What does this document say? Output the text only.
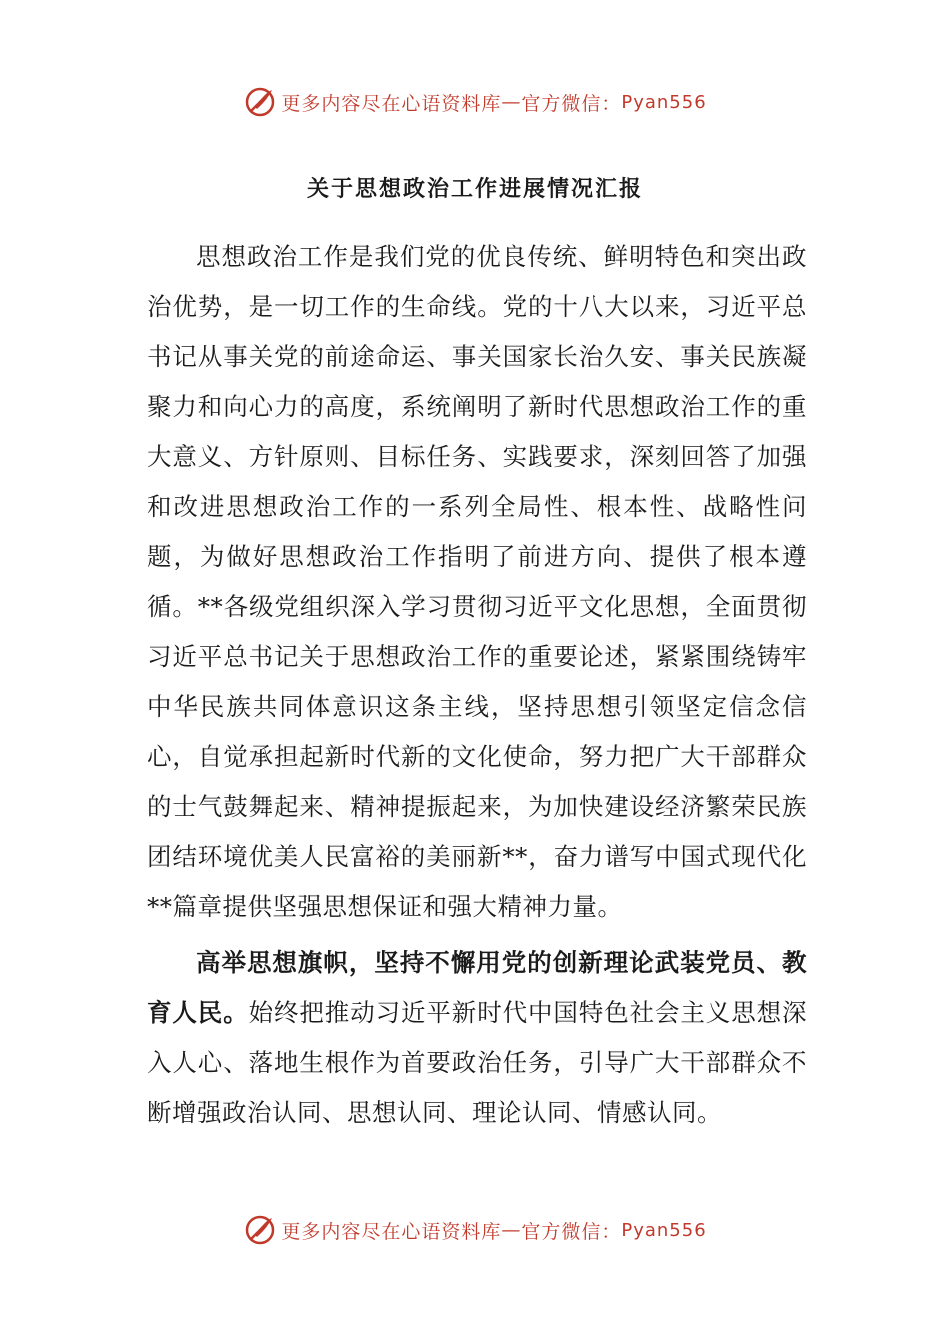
更多内容尽在心语资料库 — 官方微信： Pyan556
关于思想政治工作进展情况汇报

思想政治工作是我们党的优良传统、鲜明特色和突出政治优势，是一切工作的生命线。党的十八大以来，习近平总书记从事关党的前途命运、事关国家长治久安、事关民族凝聚力和向心力的高度，系统阐明了新时代思想政治工作的重大意义、方针原则、目标任务、实践要求，深刻回答了加强和改进思想政治工作的一系列全局性、根本性、战略性问题，为做好思想政治工作指明了前进方向、提供了根本遵循。**各级党组织深入学习贯彻习近平文化思想，全面贯彻习近平总书记关于思想政治工作的重要论述，紧紧围绕铸牢中华民族共同体意识这条主线，坚持思想引领坚定信念信心，自觉承担起新时代新的文化使命，努力把广大干部群众的士气鼓舞起来、精神提振起来，为加快建设经济繁荣民族团结环境优美人民富裕的美丽新**，奋力谱写中国式现代化**篇章提供坚强思想保证和强大精神力量。

高举思想旗帜，坚持不懈用党的创新理论武装党员、教育人民。始终把推动习近平新时代中国特色社会主义思想深入人心、落地生根作为首要政治任务，引导广大干部群众不断增强政治认同、思想认同、理论认同、情感认同。

更多内容尽在心语资料库 — 官方微信： Pyan556
